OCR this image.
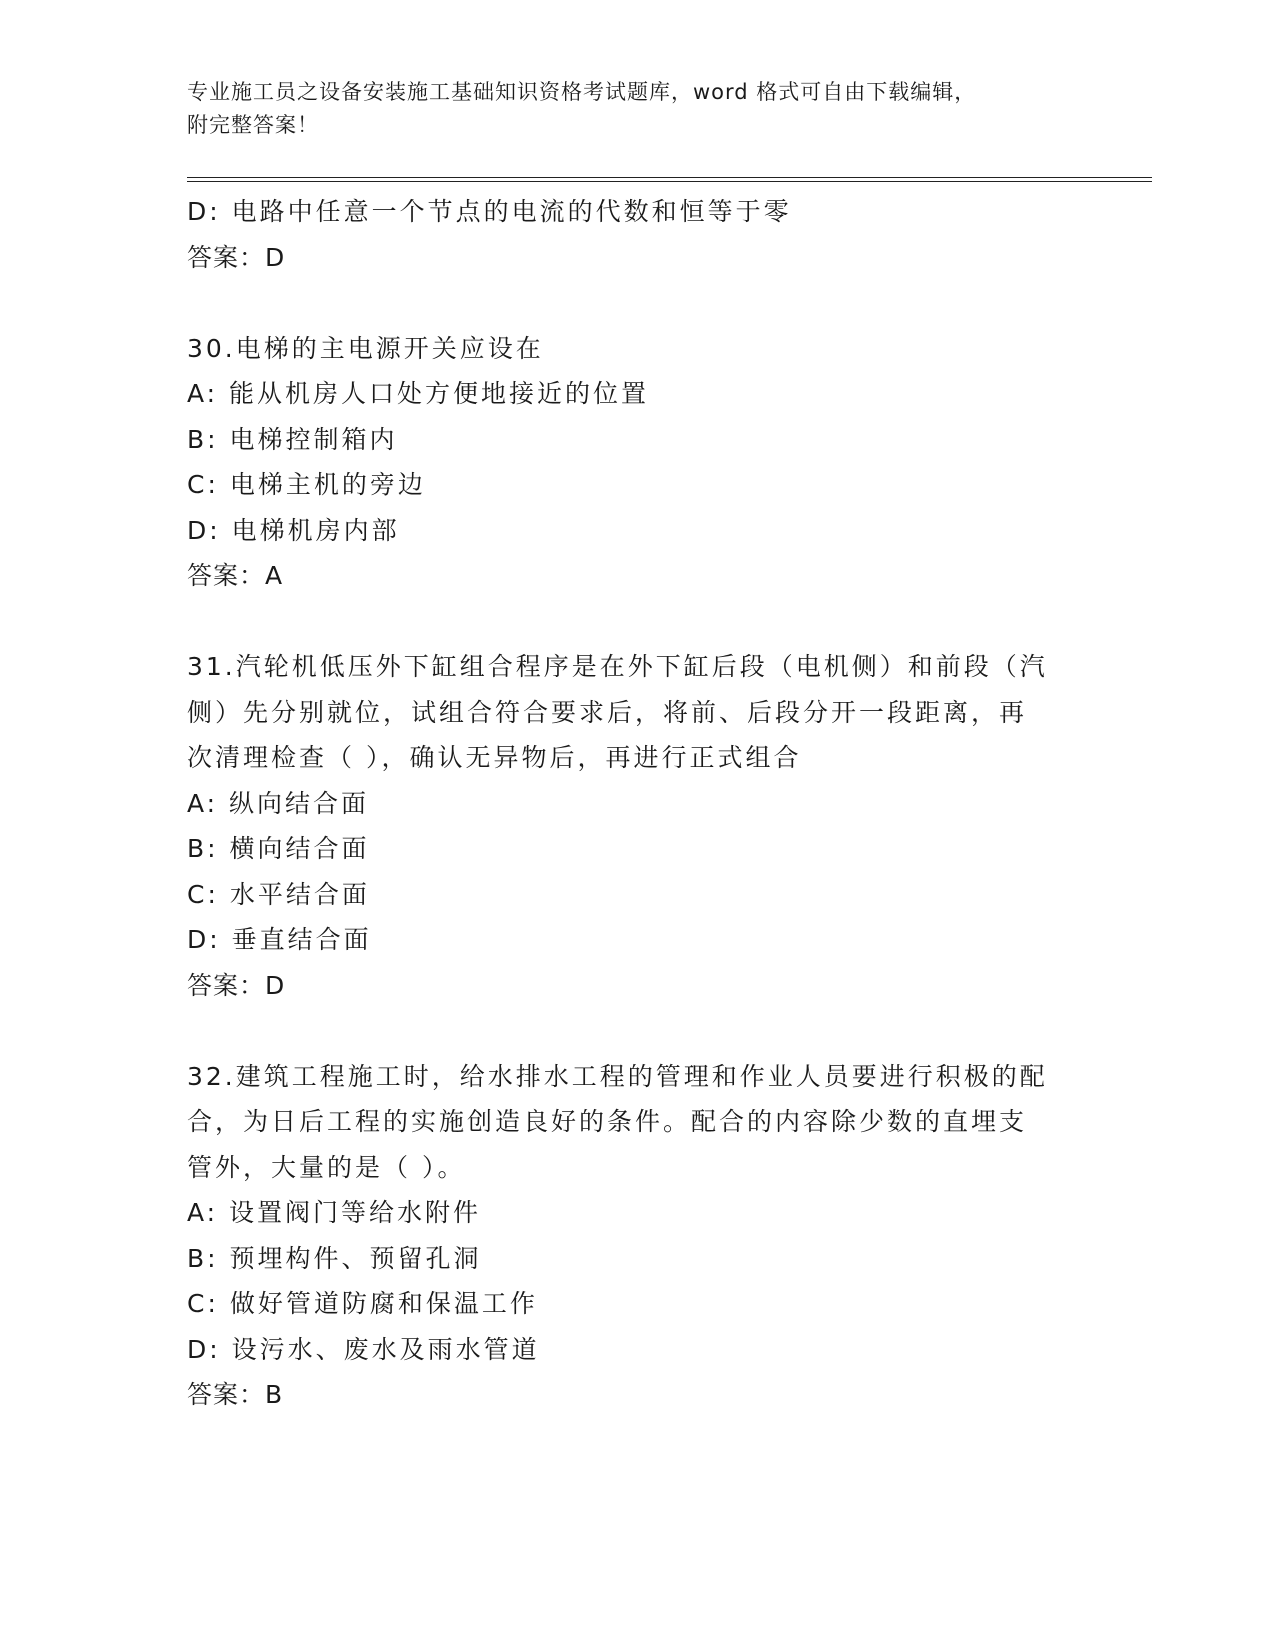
专业施工员之设备安装施工基础知识资格考试题库，word 格式可自由下载编辑，
附完整答案！
D: 电路中任意一个节点的电流的代数和恒等于零
答案：D
30.电梯的主电源开关应设在
A: 能从机房人口处方便地接近的位置
B: 电梯控制箱内
C: 电梯主机的旁边
D: 电梯机房内部
答案：A
31.汽轮机低压外下缸组合程序是在外下缸后段（电机侧）和前段（汽
侧）先分别就位，试组合符合要求后，将前、后段分开一段距离，再
次清理检查（ ），确认无异物后，再进行正式组合
A: 纵向结合面
B: 横向结合面
C: 水平结合面
D: 垂直结合面
答案：D
32.建筑工程施工时，给水排水工程的管理和作业人员要进行积极的配
合，为日后工程的实施创造良好的条件。配合的内容除少数的直埋支
管外，大量的是（ ）。
A: 设置阀门等给水附件
B: 预埋构件、预留孔洞
C: 做好管道防腐和保温工作
D: 设污水、废水及雨水管道
答案：B
